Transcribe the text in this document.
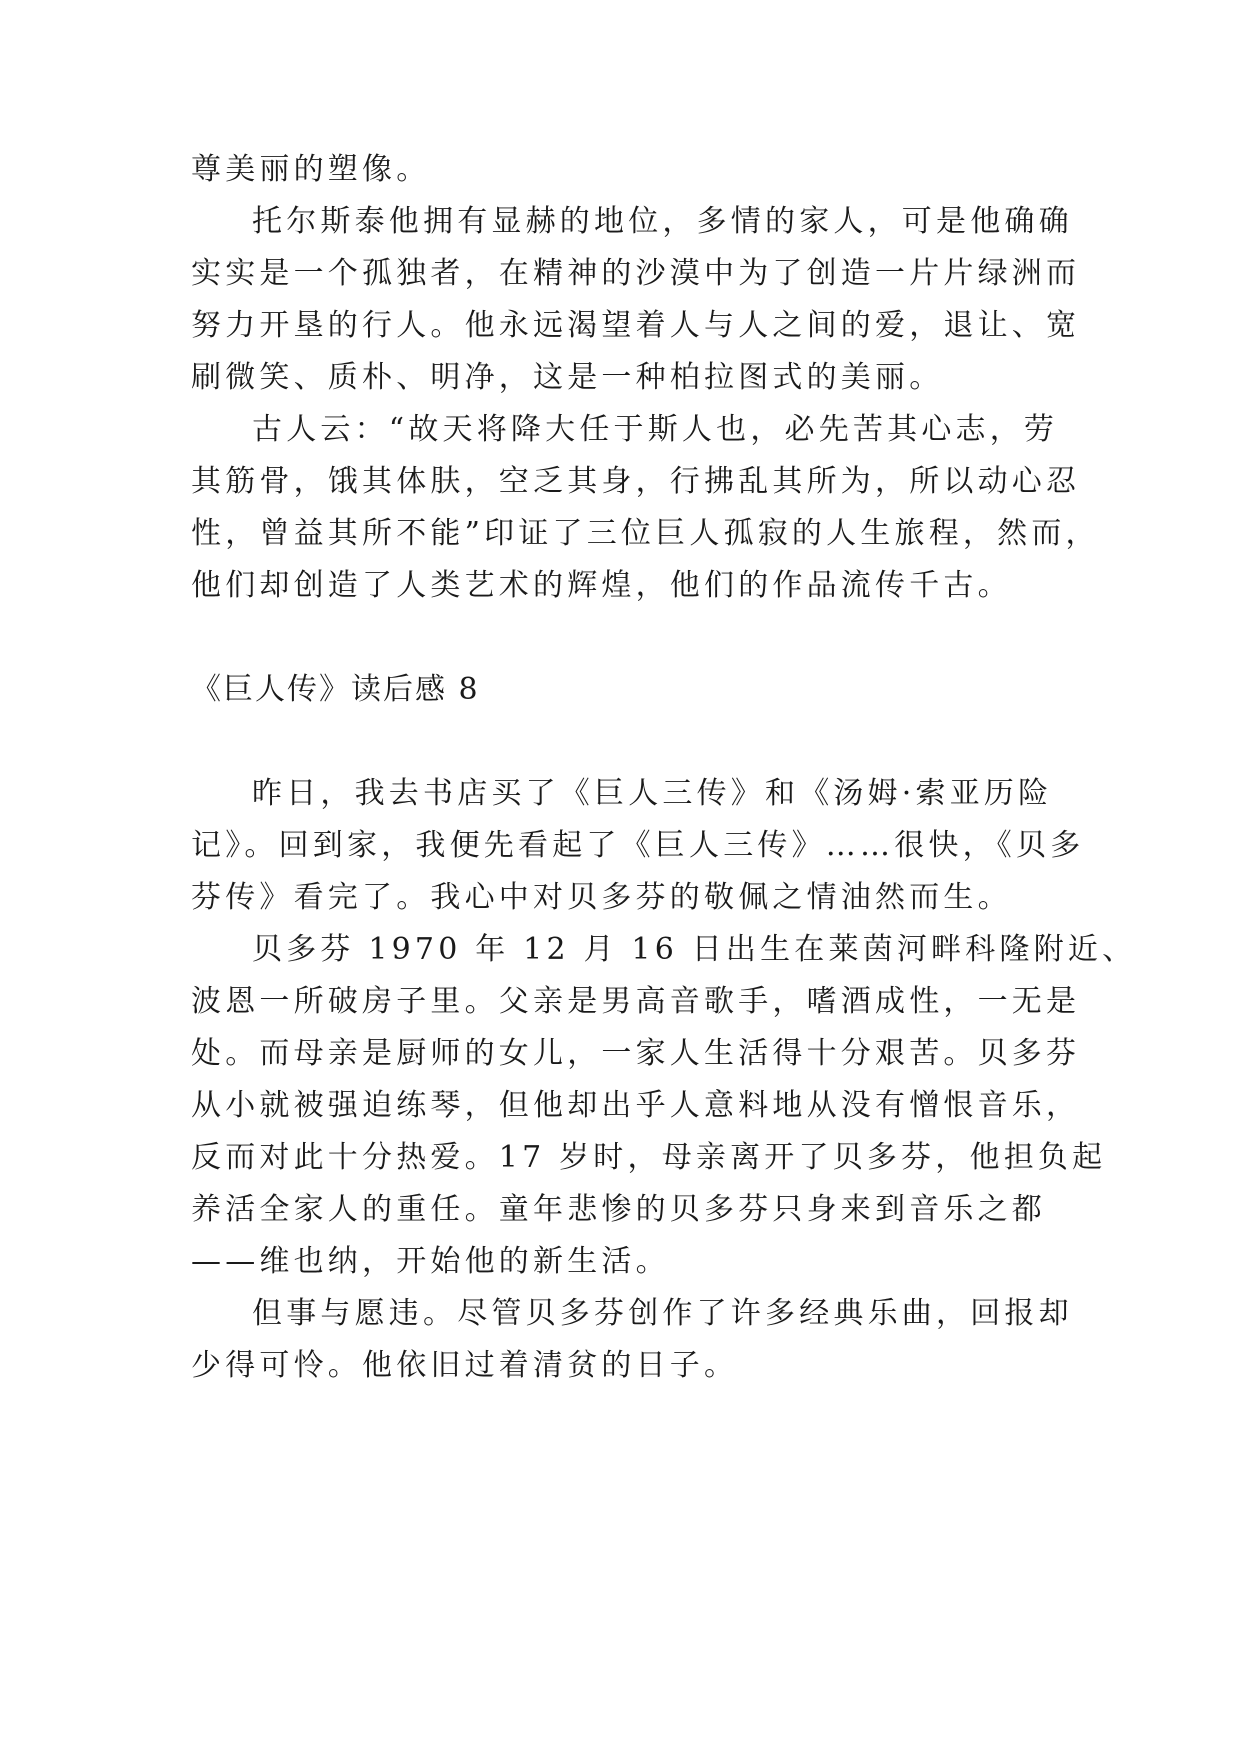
尊美丽的塑像。

托尔斯泰他拥有显赫的地位，多情的家人，可是他确确

实实是一个孤独者，在精神的沙漠中为了创造一片片绿洲而

努力开垦的行人。他永远渴望着人与人之间的爱，退让、宽

刷微笑、质朴、明净，这是一种柏拉图式的美丽。

古人云：“故天将降大任于斯人也，必先苦其心志，劳

其筋骨，饿其体肤，空乏其身，行拂乱其所为，所以动心忍

性，曾益其所不能”印证了三位巨人孤寂的人生旅程，然而，

他们却创造了人类艺术的辉煌，他们的作品流传千古。

《巨人传》读后感 8

昨日，我去书店买了《巨人三传》和《汤姆·索亚历险

记》。回到家，我便先看起了《巨人三传》……很快，《贝多

芬传》看完了。我心中对贝多芬的敬佩之情油然而生。

贝多芬 1970 年 12 月 16 日出生在莱茵河畔科隆附近、

波恩一所破房子里。父亲是男高音歌手，嗜酒成性，一无是

处。而母亲是厨师的女儿，一家人生活得十分艰苦。贝多芬

从小就被强迫练琴，但他却出乎人意料地从没有憎恨音乐，

反而对此十分热爱。17 岁时，母亲离开了贝多芬，他担负起

养活全家人的重任。童年悲惨的贝多芬只身来到音乐之都

——维也纳，开始他的新生活。

但事与愿违。尽管贝多芬创作了许多经典乐曲，回报却

少得可怜。他依旧过着清贫的日子。
